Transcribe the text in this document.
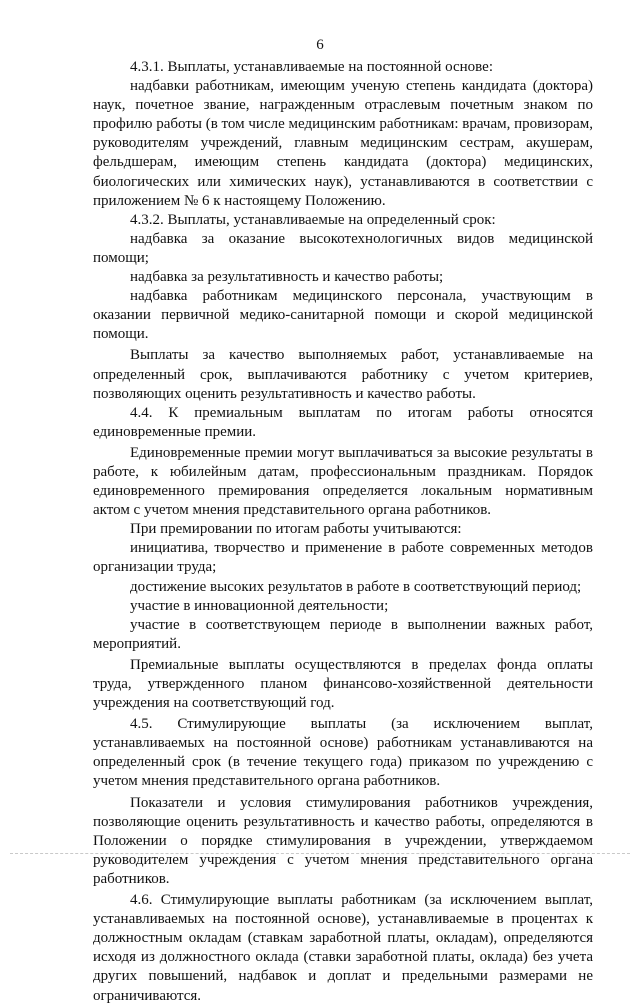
6

4.3.1. Выплаты, устанавливаемые на постоянной основе:

надбавки работникам, имеющим ученую степень кандидата (доктора) наук, почетное звание, награжденным отраслевым почетным знаком по профилю работы (в том числе медицинским работникам: врачам, провизорам, руководителям учреждений, главным медицинским сестрам, акушерам, фельдшерам, имеющим степень кандидата (доктора) медицинских, биологических или химических наук), устанавливаются в соответствии с приложением № 6 к настоящему Положению.

4.3.2. Выплаты, устанавливаемые на определенный срок:

надбавка за оказание высокотехнологичных видов медицинской помощи;

надбавка за результативность и качество работы;

надбавка работникам медицинского персонала, участвующим в оказании первичной медико-санитарной помощи и скорой медицинской помощи.

Выплаты за качество выполняемых работ, устанавливаемые на определенный срок, выплачиваются работнику с учетом критериев, позволяющих оценить результативность и качество работы.

4.4. К премиальным выплатам по итогам работы относятся единовременные премии.

Единовременные премии могут выплачиваться за высокие результаты в работе, к юбилейным датам, профессиональным праздникам. Порядок единовременного премирования определяется локальным нормативным актом с учетом мнения представительного органа работников.

При премировании по итогам работы учитываются:

инициатива, творчество и применение в работе современных методов организации труда;

достижение высоких результатов в работе в соответствующий период;

участие в инновационной деятельности;

участие в соответствующем периоде в выполнении важных работ, мероприятий.

Премиальные выплаты осуществляются в пределах фонда оплаты труда, утвержденного планом финансово-хозяйственной деятельности учреждения на соответствующий год.

4.5. Стимулирующие выплаты (за исключением выплат, устанавливаемых на постоянной основе) работникам устанавливаются на определенный срок (в течение текущего года) приказом по учреждению с учетом мнения представительного органа работников.

Показатели и условия стимулирования работников учреждения, позволяющие оценить результативность и качество работы, определяются в Положении о порядке стимулирования в учреждении, утверждаемом руководителем учреждения с учетом мнения представительного органа работников.

4.6. Стимулирующие выплаты работникам (за исключением выплат, устанавливаемых на постоянной основе), устанавливаемые в процентах к должностным окладам (ставкам заработной платы, окладам), определяются исходя из должностного оклада (ставки заработной платы, оклада) без учета других повышений, надбавок и доплат и предельными размерами не ограничиваются.
